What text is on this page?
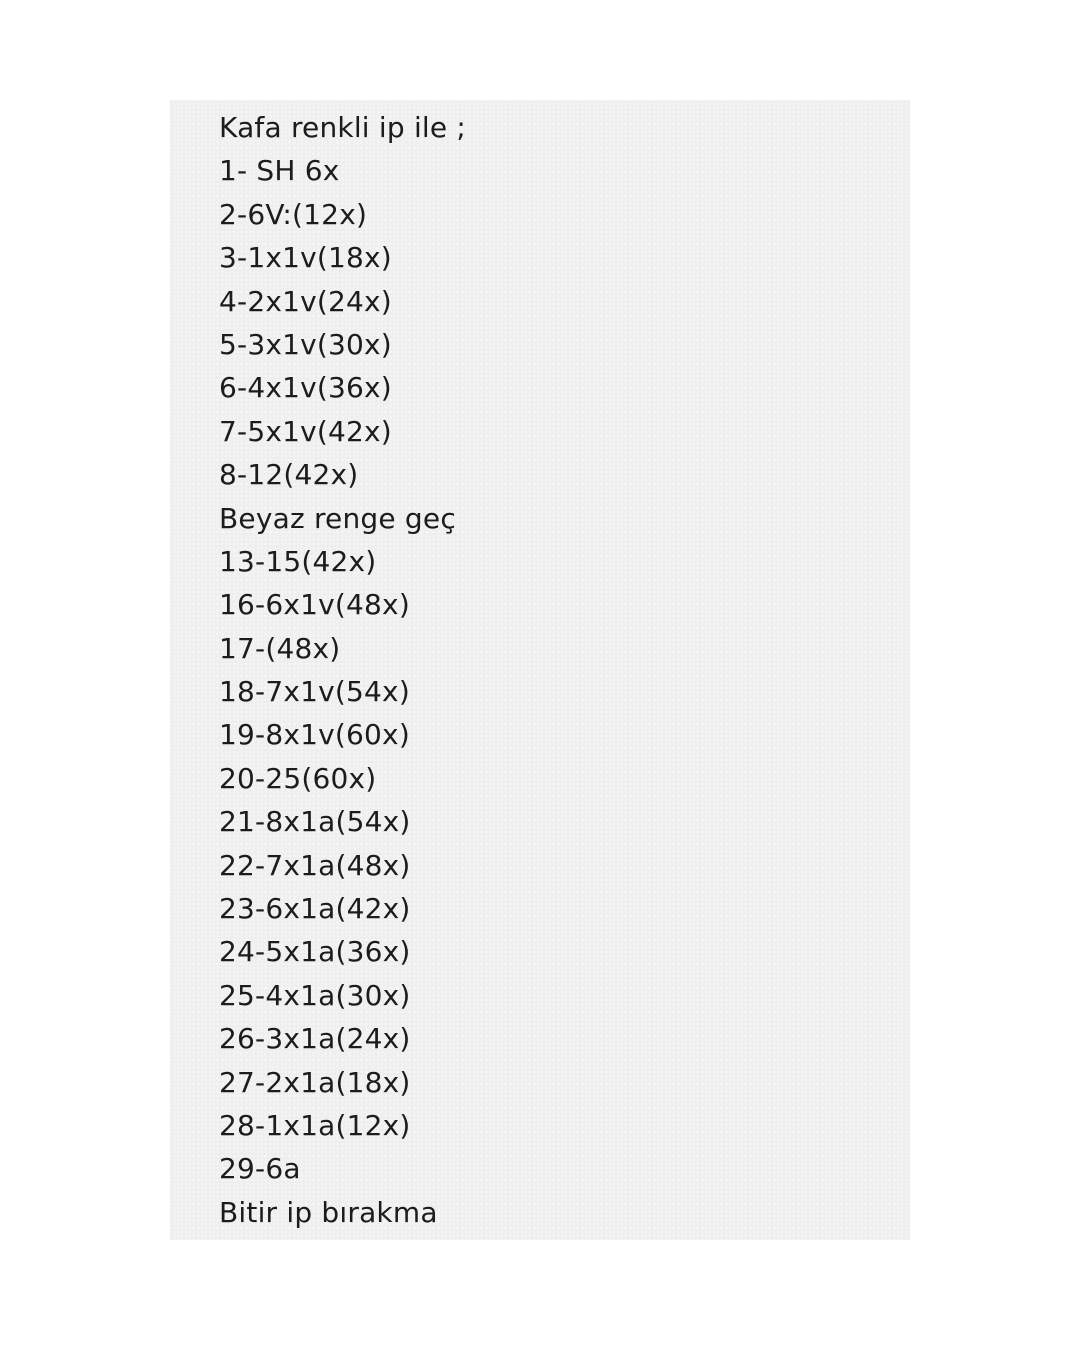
Kafa renkli ip ile ;
1- SH 6x
2-6V:(12x)
3-1x1v(18x)
4-2x1v(24x)
5-3x1v(30x)
6-4x1v(36x)
7-5x1v(42x)
8-12(42x)
Beyaz renge geç
13-15(42x)
16-6x1v(48x)
17-(48x)
18-7x1v(54x)
19-8x1v(60x)
20-25(60x)
21-8x1a(54x)
22-7x1a(48x)
23-6x1a(42x)
24-5x1a(36x)
25-4x1a(30x)
26-3x1a(24x)
27-2x1a(18x)
28-1x1a(12x)
29-6a
Bitir ip bırakma
